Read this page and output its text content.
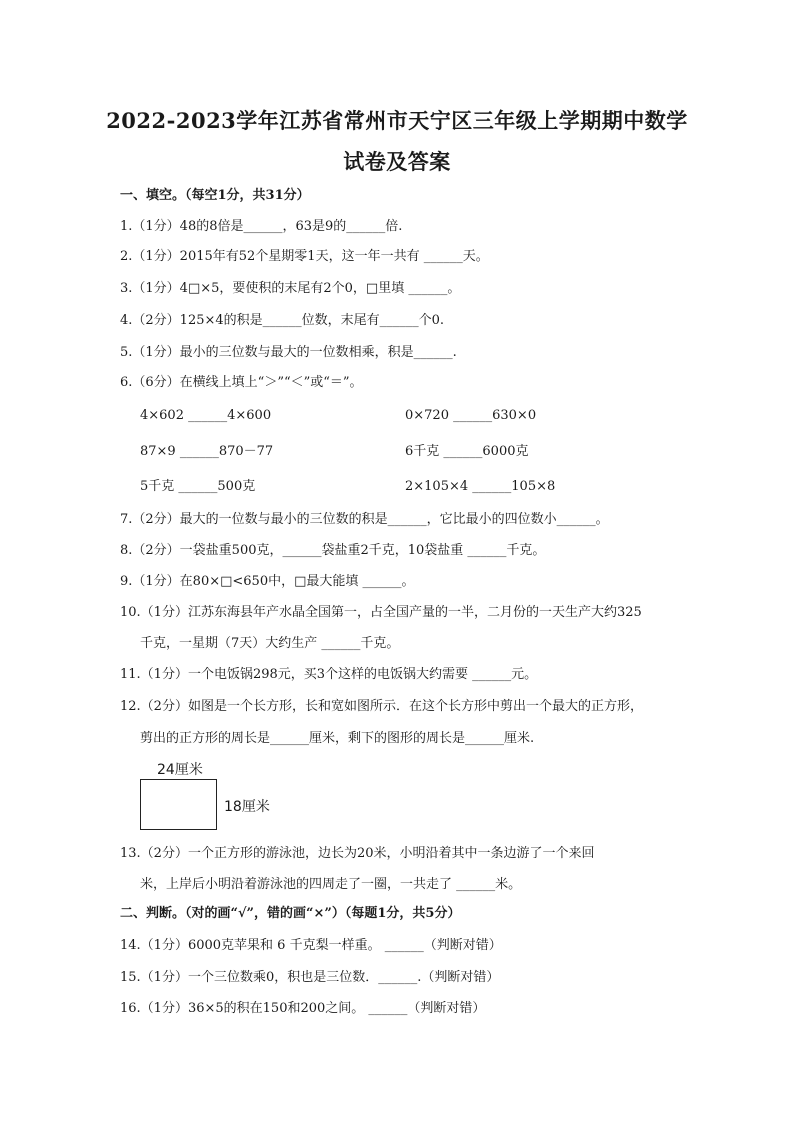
2022-2023学年江苏省常州市天宁区三年级上学期期中数学
试卷及答案
一、填空。（每空1分，共31分）
1.（1分）48的8倍是______，63是9的______倍.
2.（1分）2015年有52个星期零1天，这一年一共有 ______天。
3.（1分）4□×5，要使积的末尾有2个0，□里填 ______。
4.（2分）125×4的积是______位数，末尾有______个0.
5.（1分）最小的三位数与最大的一位数相乘，积是______.
6.（6分）在横线上填上“＞”“＜”或“＝”。
4×602 ______4×600	0×720 ______630×0
87×9 ______870－77	6千克 ______6000克
5千克 ______500克	2×105×4 ______105×8
7.（2分）最大的一位数与最小的三位数的积是______，它比最小的四位数小______。
8.（2分）一袋盐重500克，______袋盐重2千克，10袋盐重 ______千克。
9.（1分）在80×□<650中，□最大能填 ______。
10.（1分）江苏东海县年产水晶全国第一，占全国产量的一半，二月份的一天生产大约325
千克，一星期（7天）大约生产 ______千克。
11.（1分）一个电饭锅298元，买3个这样的电饭锅大约需要 ______元。
12.（2分）如图是一个长方形，长和宽如图所示．在这个长方形中剪出一个最大的正方形，
剪出的正方形的周长是______厘米，剩下的图形的周长是______厘米.
24厘米
18厘米
13.（2分）一个正方形的游泳池，边长为20米，小明沿着其中一条边游了一个来回
米，上岸后小明沿着游泳池的四周走了一圈，一共走了 ______米。
二、判断。（对的画“√”，错的画“×”）（每题1分，共5分）
14.（1分）6000克苹果和 6 千克梨一样重。 ______（判断对错）
15.（1分）一个三位数乘0，积也是三位数．______.（判断对错）
16.（1分）36×5的积在150和200之间。 ______（判断对错）
